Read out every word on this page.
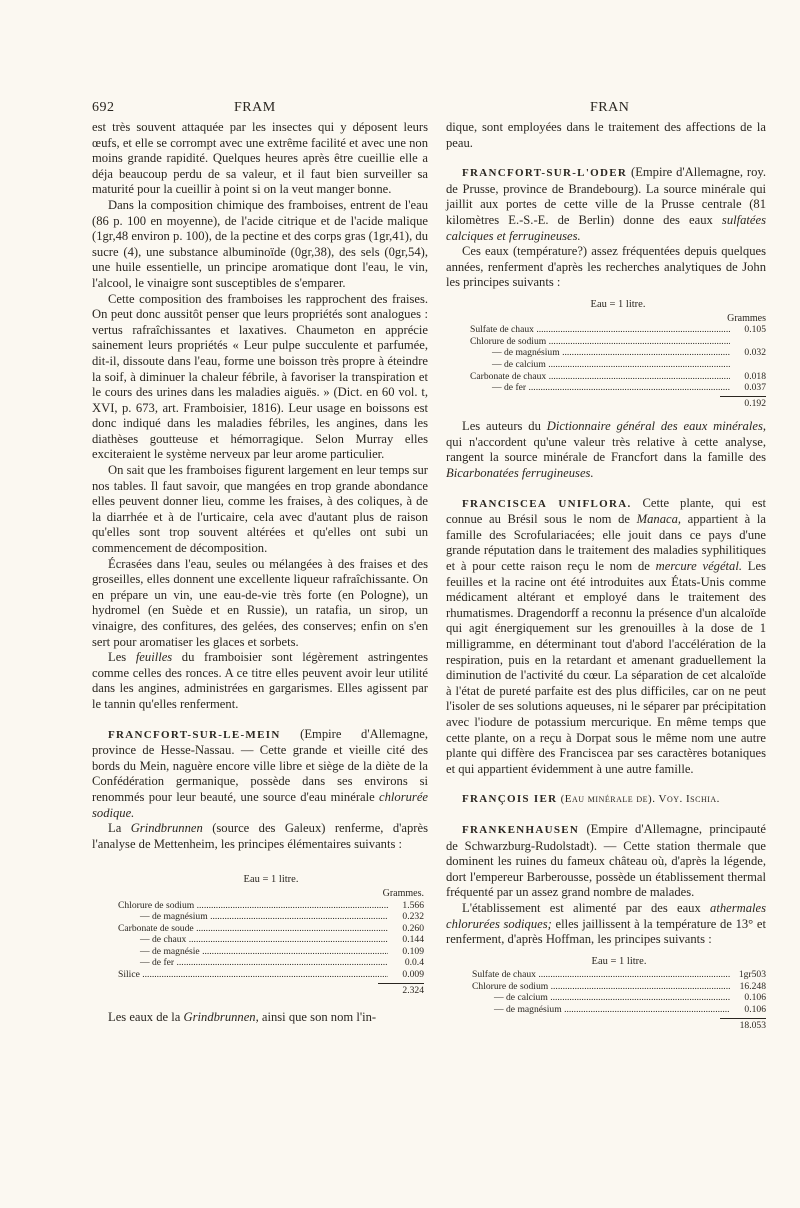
692	FRAM	FRAN

est très souvent attaquée par les insectes qui y déposent leurs œufs, et elle se corrompt avec une extrême facilité et avec une non moins grande rapidité. Quelques heures après être cueillie elle a déja beaucoup perdu de sa valeur, et il faut bien surveiller sa maturité pour la cueillir à point si on la veut manger bonne.

Dans la composition chimique des framboises, entrent de l'eau (86 p. 100 en moyenne), de l'acide citrique et de l'acide malique (1gr,48 environ p. 100), de la pectine et des corps gras (1gr,41), du sucre (4), une substance albuminoïde (0gr,38), des sels (0gr,54), une huile essentielle, un principe aromatique dont l'eau, le vin, l'alcool, le vinaigre sont susceptibles de s'emparer.

Cette composition des framboises les rapprochent des fraises. On peut donc aussitôt penser que leurs propriétés sont analogues : vertus rafraîchissantes et laxatives. Chaumeton en apprécie sainement leurs propriétés « Leur pulpe succulente et parfumée, dit-il, dissoute dans l'eau, forme une boisson très propre à éteindre la soif, à diminuer la chaleur fébrile, à favoriser la transpiration et le cours des urines dans les maladies aiguës. » (Dict. en 60 vol. t, XVI, p. 673, art. Framboisier, 1816). Leur usage en boissons est donc indiqué dans les maladies fébriles, les angines, dans les diathèses goutteuse et hémorragique. Selon Murray elles exciteraient le système nerveux par leur arome particulier.

On sait que les framboises figurent largement en leur temps sur nos tables. Il faut savoir, que mangées en trop grande abondance elles peuvent donner lieu, comme les fraises, à des coliques, à de la diarrhée et à de l'urticaire, cela avec d'autant plus de raison qu'elles sont trop souvent altérées et qu'elles ont subi un commencement de décomposition.

Écrasées dans l'eau, seules ou mélangées à des fraises et des groseilles, elles donnent une excellente liqueur rafraîchissante. On en prépare un vin, une eau-de-vie très forte (en Pologne), un hydromel (en Suède et en Russie), un ratafia, un sirop, un vinaigre, des confitures, des gelées, des conserves; enfin on s'en sert pour aromatiser les glaces et sorbets.

Les feuilles du framboisier sont légèrement astringentes comme celles des ronces. A ce titre elles peuvent avoir leur utilité dans les angines, administrées en gargarismes. Elles agissent par le tannin qu'elles renferment.

FRANCFORT-SUR-LE-MEIN (Empire d'Allemagne, province de Hesse-Nassau. — Cette grande et vieille cité des bords du Mein, naguère encore ville libre et siège de la diète de la Confédération germanique, possède dans ses environs si renommés pour leur beauté, une source d'eau minérale chlorurée sodique.

La Grindbrunnen (source des Galeux) renferme, d'après l'analyse de Mettenheim, les principes élémentaires suivants :

Eau = 1 litre.
Grammes.
Chlorure de sodium .....	1.566
— de magnésium .....	0.232
Carbonate de soude .....	0.260
— de chaux .....	0.144
— de magnésie .....	0.109
— de fer .....	0.0.4
Silice .....	0.009
2.324

Les eaux de la Grindbrunnen, ainsi que son nom l'in-

dique, sont employées dans le traitement des affections de la peau.

FRANCFORT-SUR-L'ODER (Empire d'Allemagne, roy. de Prusse, province de Brandebourg). La source minérale qui jaillit aux portes de cette ville de la Prusse centrale (81 kilomètres E.-S.-E. de Berlin) donne des eaux sulfatées calciques et ferrugineuses.

Ces eaux (température?) assez fréquentées depuis quelques années, renferment d'après les recherches analytiques de John les principes suivants :

Eau = 1 litre.
Grammes
Sulfate de chaux .....	0.105
Chlorure de sodium .....
— de magnésium .....	0.032
— de calcium .....
Carbonate de chaux .....	0.018
— de fer .....	0.037
0.192

Les auteurs du Dictionnaire général des eaux minérales, qui n'accordent qu'une valeur très relative à cette analyse, rangent la source minérale de Francfort dans la famille des Bicarbonatées ferrugineuses.

FRANCISCEA UNIFLORA. Cette plante, qui est connue au Brésil sous le nom de Manaca, appartient à la famille des Scrofulariacées; elle jouit dans ce pays d'une grande réputation dans le traitement des maladies syphilitiques et à pour cette raison reçu le nom de mercure végétal. Les feuilles et la racine ont été introduites aux États-Unis comme médicament altérant et employé dans le traitement des rhumatismes. Dragendorff a reconnu la présence d'un alcaloïde qui agit énergiquement sur les grenouilles à la dose de 1 milligramme, en déterminant tout d'abord l'accélération de la respiration, puis en la retardant et amenant graduellement la diminution de l'activité du cœur. La séparation de cet alcaloïde à l'état de pureté parfaite est des plus difficiles, car on ne peut l'isoler de ses solutions aqueuses, ni le séparer par précipitation avec l'iodure de potassium mercurique. En même temps que cette plante, on a reçu à Dorpat sous le même nom une autre plante qui diffère des Franciscea par ses caractères botaniques et qui appartient évidemment à une autre famille.

FRANÇOIS IER (Eau minérale de). Voy. Ischia.

FRANKENHAUSEN (Empire d'Allemagne, principauté de Schwarzburg-Rudolstadt). — Cette station thermale que dominent les ruines du fameux château où, d'après la légende, dort l'empereur Barberousse, possède un établissement thermal fréquenté par un assez grand nombre de malades.

L'établissement est alimenté par des eaux athermales chlorurées sodiques; elles jaillissent à la température de 13° et renferment, d'après Hoffman, les principes suivants :

Eau = 1 litre.
Sulfate de chaux .....	1gr503
Chlorure de sodium .....	16.248
— de calcium .....	0.106
— de magnésium .....	0.106
18.053
